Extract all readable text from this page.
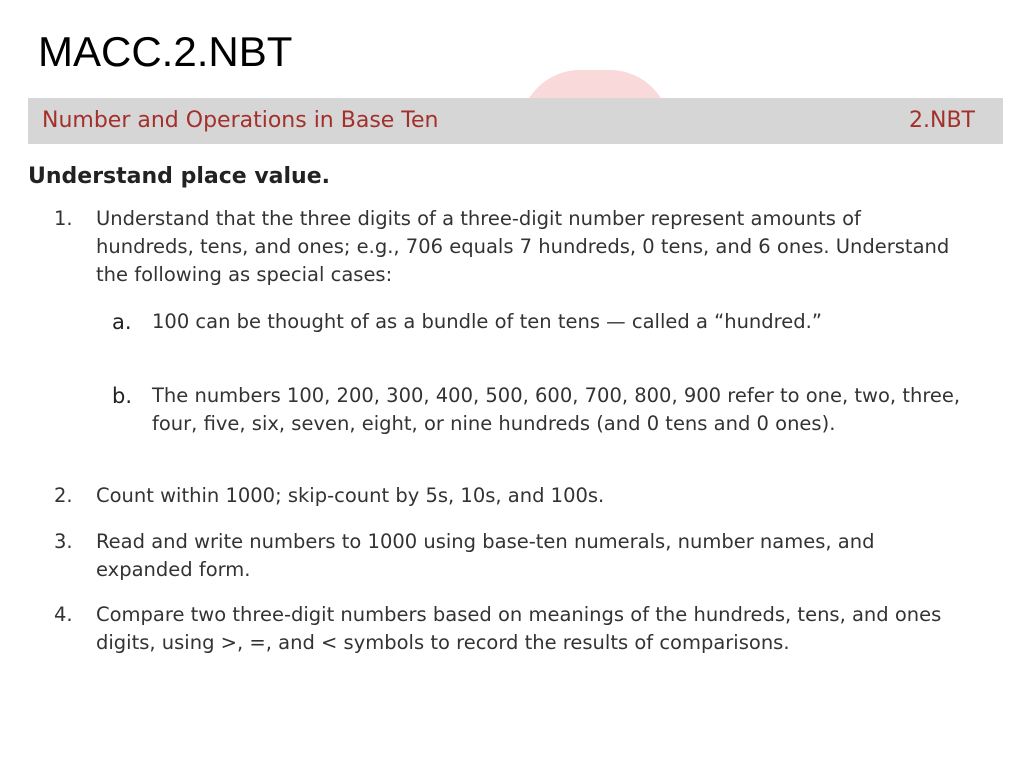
MACC.2.NBT
Number and Operations in Base Ten	2.NBT
Understand place value.
1. Understand that the three digits of a three-digit number represent amounts of hundreds, tens, and ones; e.g., 706 equals 7 hundreds, 0 tens, and 6 ones. Understand the following as special cases:
a. 100 can be thought of as a bundle of ten tens — called a “hundred.”
b. The numbers 100, 200, 300, 400, 500, 600, 700, 800, 900 refer to one, two, three, four, five, six, seven, eight, or nine hundreds (and 0 tens and 0 ones).
2. Count within 1000; skip-count by 5s, 10s, and 100s.
3. Read and write numbers to 1000 using base-ten numerals, number names, and expanded form.
4. Compare two three-digit numbers based on meanings of the hundreds, tens, and ones digits, using >, =, and < symbols to record the results of comparisons.
